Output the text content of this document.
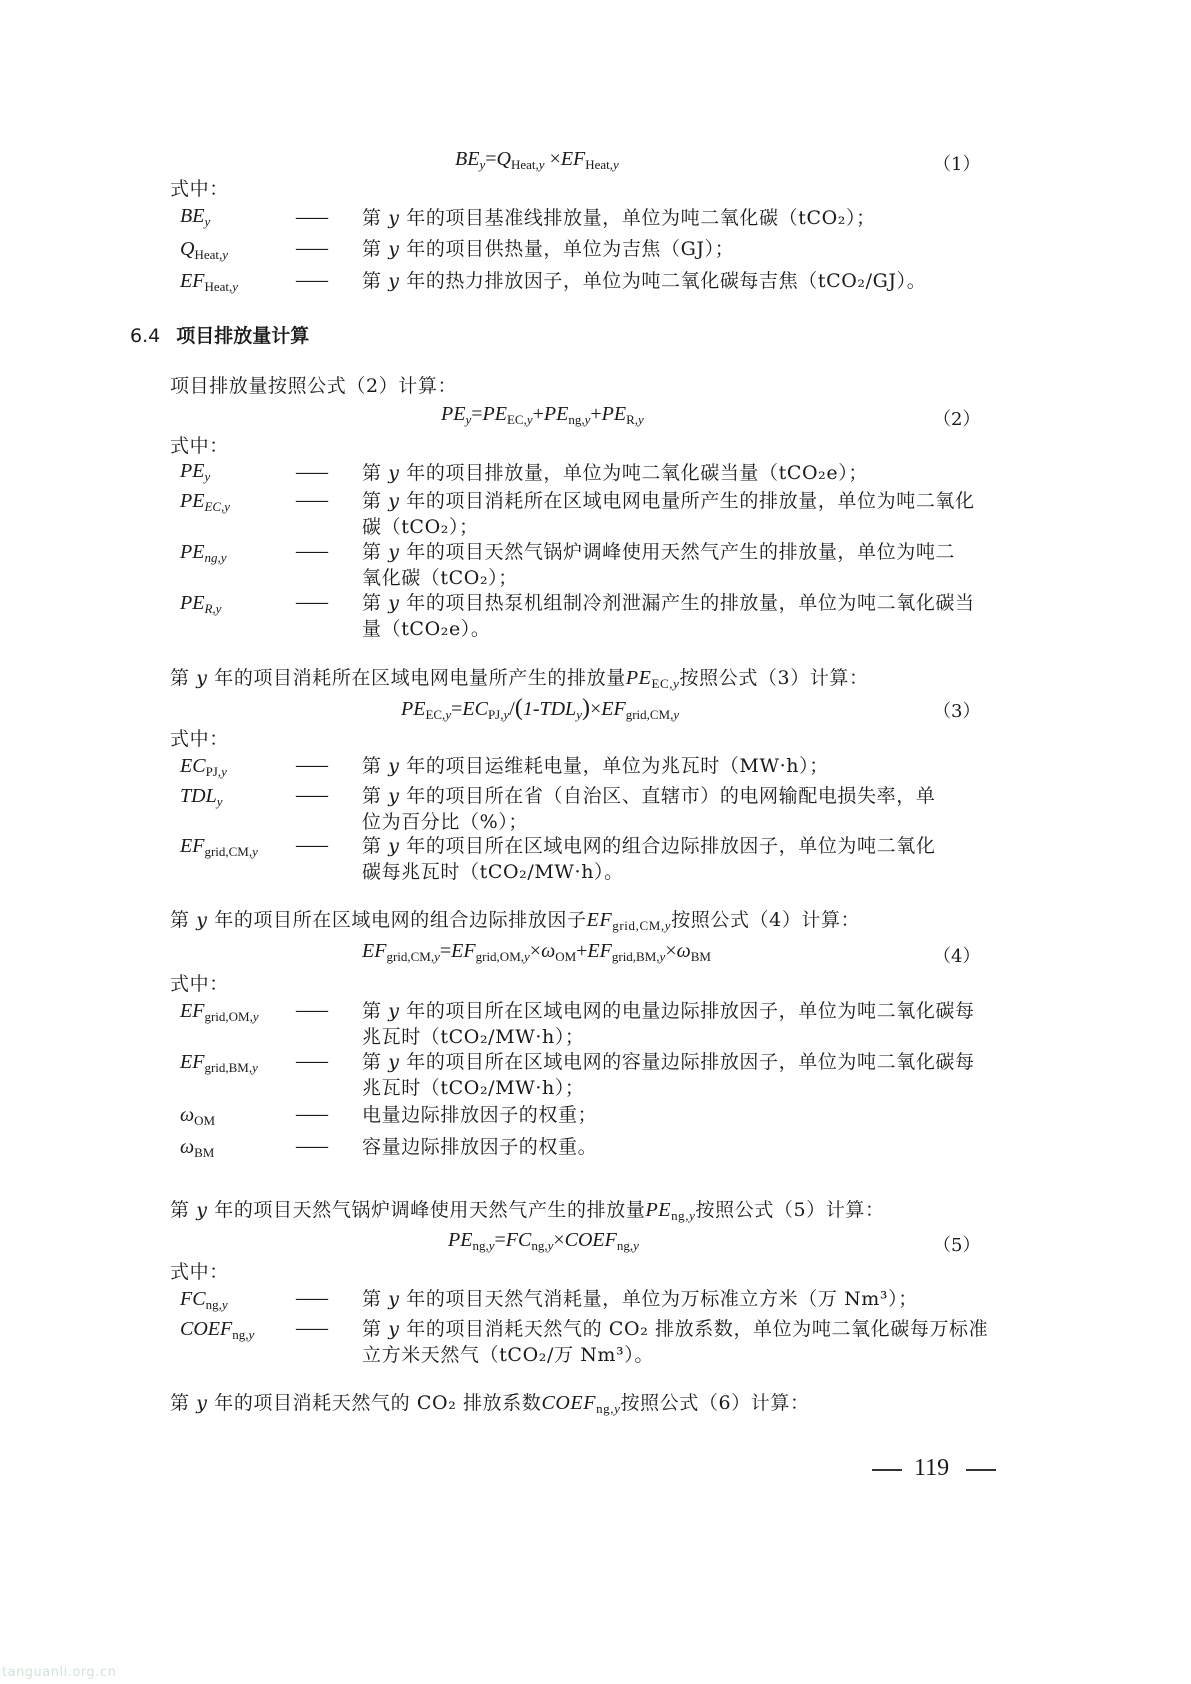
$BE_y=Q_{Heat,y} \times EF_{Heat,y}$	（1）
式中：
$BE_y$	—— 第 y 年的项目基准线排放量，单位为吨二氧化碳（tCO₂）；
$Q_{Heat,y}$	—— 第 y 年的项目供热量，单位为吉焦（GJ）；
$EF_{Heat,y}$	—— 第 y 年的热力排放因子，单位为吨二氧化碳每吉焦（tCO₂/GJ）。
6.4 项目排放量计算
项目排放量按照公式（2）计算：
$PE_y=PE_{EC,y}+PE_{ng,y}+PE_{R,y}$	（2）
式中：
$PE_y$	—— 第 y 年的项目排放量，单位为吨二氧化碳当量（tCO₂e）；
$PE_{EC,y}$	—— 第 y 年的项目消耗所在区域电网电量所产生的排放量，单位为吨二氧化
碳（tCO₂）；
$PE_{ng,y}$	—— 第 y 年的项目天然气锅炉调峰使用天然气产生的排放量，单位为吨二
氧化碳（tCO₂）；
$PE_{R,y}$	—— 第 y 年的项目热泵机组制冷剂泄漏产生的排放量，单位为吨二氧化碳当
量（tCO₂e）。
第 y 年的项目消耗所在区域电网电量所产生的排放量$PE_{EC,y}$按照公式（3）计算：
$PE_{EC,y}=EC_{PJ,y}/(1-TDL_y)\times EF_{grid,CM,y}$	（3）
式中：
$EC_{PJ,y}$	—— 第 y 年的项目运维耗电量，单位为兆瓦时（MW·h）；
$TDL_y$	—— 第 y 年的项目所在省（自治区、直辖市）的电网输配电损失率，单
位为百分比（%）；
$EF_{grid,CM,y}$ —— 第 y 年的项目所在区域电网的组合边际排放因子，单位为吨二氧化
碳每兆瓦时（tCO₂/MW·h）。
第 y 年的项目所在区域电网的组合边际排放因子$EF_{grid,CM,y}$按照公式（4）计算：
$EF_{grid,CM,y}=EF_{grid,OM,y}\times\omega_{OM}+EF_{grid,BM,y}\times\omega_{BM}$	（4）
式中：
$EF_{grid,OM,y}$ —— 第 y 年的项目所在区域电网的电量边际排放因子，单位为吨二氧化碳每
兆瓦时（tCO₂/MW·h）；
$EF_{grid,BM,y}$ —— 第 y 年的项目所在区域电网的容量边际排放因子，单位为吨二氧化碳每
兆瓦时（tCO₂/MW·h）；
$\omega_{OM}$	—— 电量边际排放因子的权重；
$\omega_{BM}$	—— 容量边际排放因子的权重。
第 y 年的项目天然气锅炉调峰使用天然气产生的排放量$PE_{ng,y}$按照公式（5）计算：
$PE_{ng,y}=FC_{ng,y}\times COEF_{ng,y}$	（5）
式中：
$FC_{ng,y}$	—— 第 y 年的项目天然气消耗量，单位为万标准立方米（万 Nm³）；
$COEF_{ng,y}$ —— 第 y 年的项目消耗天然气的 CO₂ 排放系数，单位为吨二氧化碳每万标准
立方米天然气（tCO₂/万 Nm³）。
第 y 年的项目消耗天然气的 CO₂ 排放系数$COEF_{ng,y}$按照公式（6）计算：
119
tanguanli.org.cn
